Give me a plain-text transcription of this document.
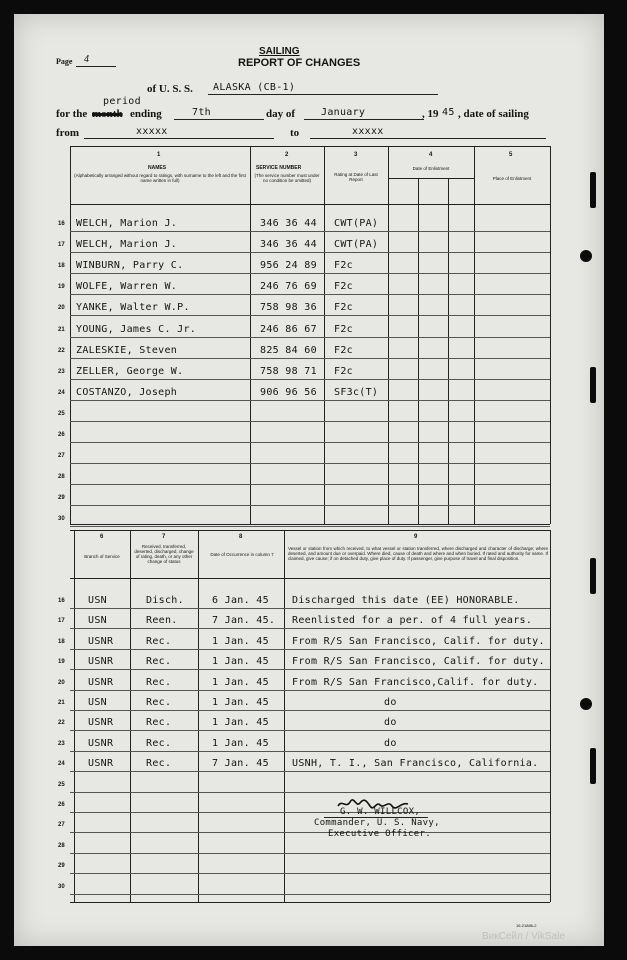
Page 4
SAILING
REPORT OF CHANGES
of U. S. S. ALASKA (CB-1)
period
for the month ending	7th	day of	January	, 19 45 , date of sailing
from	xxxxx	to	xxxxx
1
NAMES
(Alphabetically arranged without regard to ratings, with surname to the left and the first name written in full)
2
SERVICE NUMBER
(The service number must under no condition be omitted)
3
Rating at Date of Last Report
4
Date of Enlistment
5
Place of Enlistment
16 WELCH, Marion J.	346 36 44 CWT(PA)
17 WELCH, Marion J.	346 36 44 CWT(PA)
18 WINBURN, Parry C.	956 24 89 F2c
19 WOLFE, Warren W.	246 76 69 F2c
20 YANKE, Walter W.P.	758 98 36 F2c
21 YOUNG, James C. Jr.	246 86 67 F2c
22 ZALESKIE, Steven	825 84 60 F2c
23 ZELLER, George W.	758 98 71 F2c
24 COSTANZO, Joseph	906 96 56 SF3c(T)
25
26
27
28
29
30
6
Branch of Service
7
Received, transferred, deserted, discharged, change of rating, death, or any other change of status
8
Date of Occurrence in column 7
9
Vessel or station from which received, to what vessel or station transferred, where discharged and character of discharge; where deserted, and amount due or overpaid. Where died, cause of death and where and when buried. If rated and authority for same. If claimed, give cause; if on detached duty, give place of duty. If passenger, give purpose of travel and final disposition.
16 USN	Disch.	6 Jan. 45 Discharged this date (EE) HONORABLE.
17 USN	Reen.	7 Jan. 45. Reenlisted for a per. of 4 full years.
18 USNR	Rec.	1 Jan. 45 From R/S San Francisco, Calif. for duty.
19 USNR	Rec.	1 Jan. 45 From R/S San Francisco, Calif. for duty.
20 USNR	Rec.	1 Jan. 45 From R/S San Francisco,Calif. for duty.
21 USN	Rec.	1 Jan. 45	do
22 USNR	Rec.	1 Jan. 45	do
23 USNR	Rec.	1 Jan. 45	do
24 USNR	Rec.	7 Jan. 45 USNH, T. I., San Francisco, California.
25
26
27
28
29
30
G. W. WILLCOX,
Commander, U. S. Navy,
Executive Officer.
16-21886-2
ВикСейл / VikSale
